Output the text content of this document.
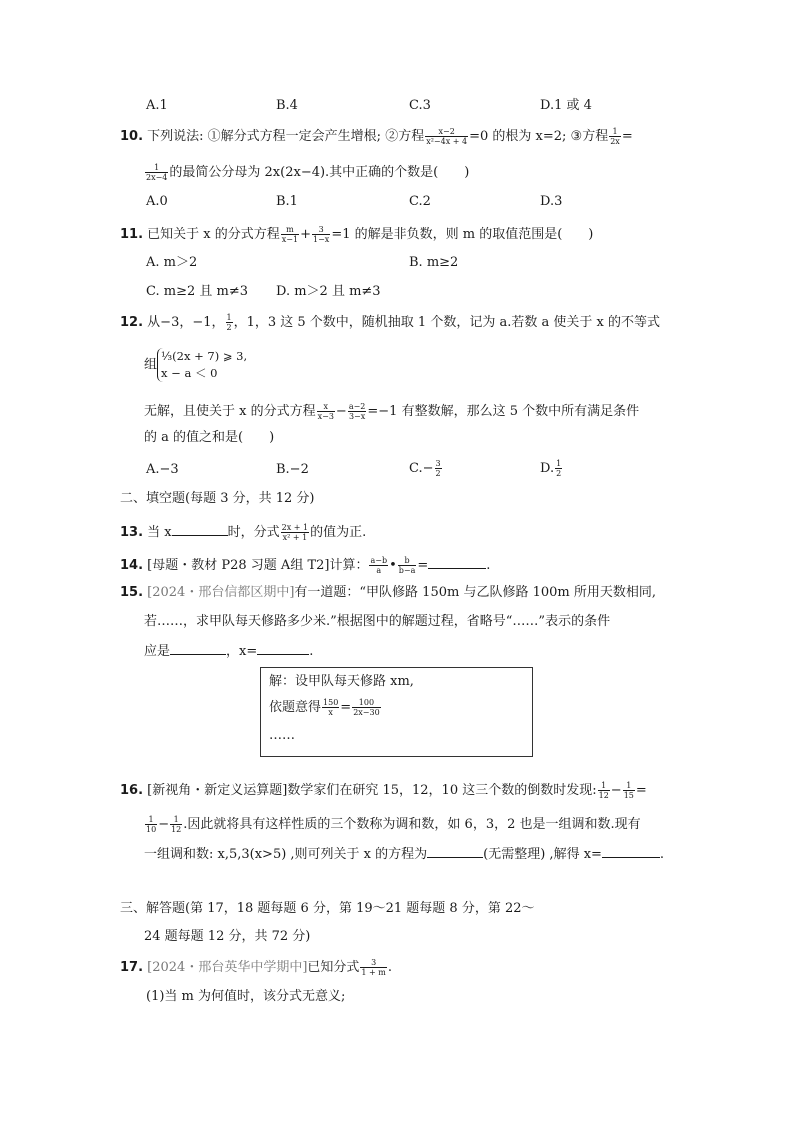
A.1	B.4	C.3	D.1 或 4
10. 下列说法: ①解分式方程一定会产生增根; ②方程 $\frac{x-2}{\text{x²−4x + 4}} =0$ 的根为 x=2; ③方程 $\frac{1}{2x}$ =
$\frac{1}{2x-4}$ 的最简公分母为 2x(2x−4).其中正确的个数是(　　)
A.0	B.1	C.2	D.3
11. 已知关于 x 的分式方程 $\frac{m}{x-1} + \frac{3}{1-x} =1$ 的解是非负数，则 m 的取值范围是(　　)
A. m＞2	B. m≥2
C. m≥2 且 m≠3 D. m＞2 且 m≠3
12. 从−3，−1， $\frac{1}{2}$ ，1，3 这 5 个数中，随机抽取 1 个数，记为 a.若数 a 使关于 x 的不等式
组
⅓(2x + 7) ⩾ 3,
x − a ＜ 0
无解，且使关于 x 的分式方程 $\frac{x}{x-3} - \frac{a-2}{3-x} =-1$ 有整数解，那么这 5 个数中所有满足条件
的 a 的值之和是(　　)
A.−3	B.−2	$C.- \frac{3}{2}$	D. $\frac{1}{2}$
二、填空题(每题 3 分，共 12 分)
13. 当 x	时，分式 $\frac{2x + 1}{\text{x² + 1}}$ 的值为正.
14. [母题・教材 P28 习题 A组 T2]计算： $\frac{a-b}{a}$ • $\frac{b}{b-a}$ =	.
15. [2024・邢台信都区期中]有一道题：“甲队修路 150m 与乙队修路 100m 所用天数相同,
若……，求甲队每天修路多少米.”根据图中的解题过程，省略号“……”表示的条件
应是	，x=	.
解：设甲队每天修路 xm,
依题意得 $\frac{150}{x} = \frac{100}{2x-30}$
……
16. [新视角・新定义运算题]数学家们在研究 15，12，10 这三个数的倒数时发现: $\frac{1}{12} - \frac{1}{15}$ =
$\frac{1}{10} - \frac{1}{12}$ .因此就将具有这样性质的三个数称为调和数，如 6，3，2 也是一组调和数.现有
一组调和数: x,5,3(x>5) ,则可列关于 x 的方程为	(无需整理) ,解得 x=	.
三、解答题(第 17，18 题每题 6 分，第 19～21 题每题 8 分，第 22～
24 题每题 12 分，共 72 分)
17. [2024・邢台英华中学期中]已知分式 $\frac{3}{1 + m}$ .
(1)当 m 为何值时，该分式无意义;
